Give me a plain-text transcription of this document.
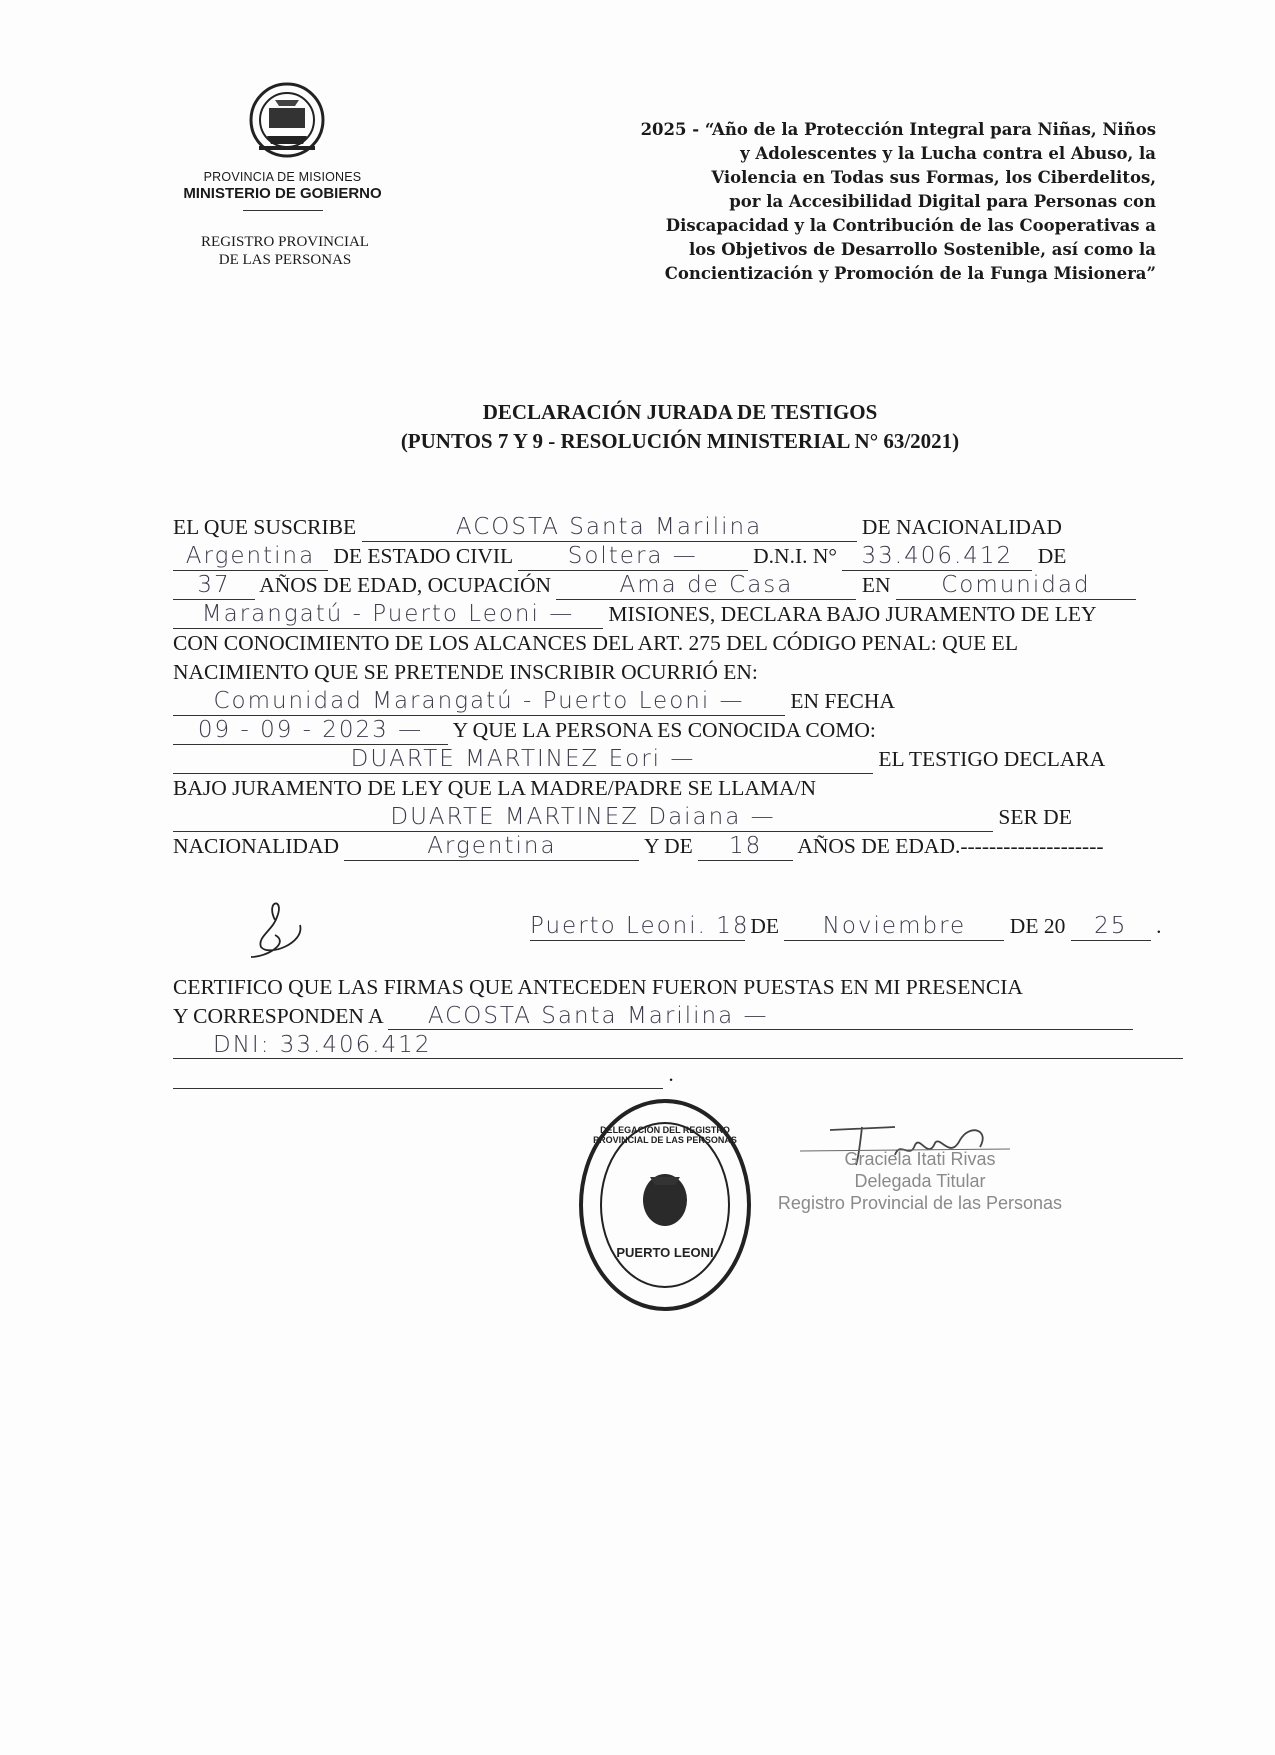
PROVINCIA DE MISIONES
MINISTERIO DE GOBIERNO
REGISTRO PROVINCIAL
DE LAS PERSONAS
2025 - “Año de la Protección Integral para Niñas, Niños
y Adolescentes y la Lucha contra el Abuso, la
Violencia en Todas sus Formas, los Ciberdelitos,
por la Accesibilidad Digital para Personas con
Discapacidad y la Contribución de las Cooperativas a
los Objetivos de Desarrollo Sostenible, así como la
Concientización y Promoción de la Funga Misionera”
DECLARACIÓN JURADA DE TESTIGOS
(PUNTOS 7 Y 9 - RESOLUCIÓN MINISTERIAL N° 63/2021)
EL QUE SUSCRIBE	ACOSTA Santa Marilina	DE NACIONALIDAD
Argentina DE ESTADO CIVIL Soltera —	D.N.I. N° 33.406.412 DE
37 AÑOS DE EDAD, OCUPACIÓN	Ama de Casa	EN Comunidad
Marangatú - Puerto Leoni — MISIONES, DECLARA BAJO JURAMENTO DE LEY
CON CONOCIMIENTO DE LOS ALCANCES DEL ART. 275 DEL CÓDIGO PENAL: QUE EL
NACIMIENTO QUE SE PRETENDE INSCRIBIR OCURRIÓ EN:
Comunidad Marangatú - Puerto Leoni — EN FECHA
09 - 09 - 2023 — Y QUE LA PERSONA ES CONOCIDA COMO:
DUARTE MARTINEZ Eori —	EL TESTIGO DECLARA
BAJO JURAMENTO DE LEY QUE LA MADRE/PADRE SE LLAMA/N
DUARTE MARTINEZ Daiana —	SER DE
NACIONALIDAD	Argentina	Y DE 18 AÑOS DE EDAD.--------------------
Puerto Leoni. 18 DE Noviembre DE 20 25 .
CERTIFICO QUE LAS FIRMAS QUE ANTECEDEN FUERON PUESTAS EN MI PRESENCIA
Y CORRESPONDEN A ACOSTA Santa Marilina —
DNI: 33.406.412
.
DELEGACIÓN DEL REGISTRO PROVINCIAL DE LAS PERSONAS
PUERTO LEONI
Graciela Itati Rivas
Delegada Titular
Registro Provincial de las Personas
